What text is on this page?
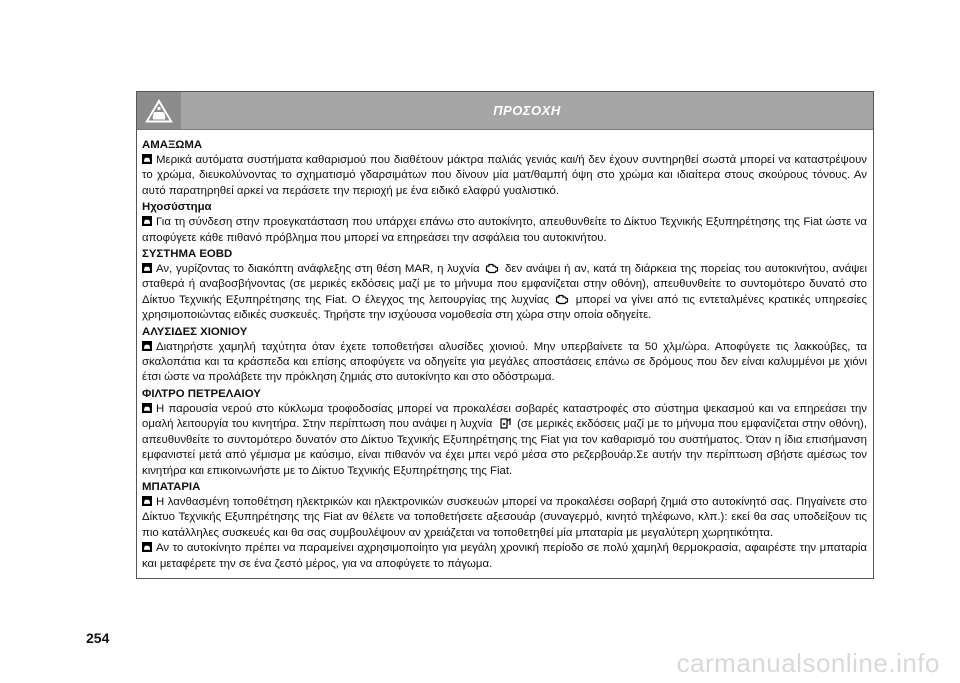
ΠΡΟΣΟΧΗ
ΑΜΑΞΩΜΑ
Μερικά αυτόματα συστήματα καθαρισμού που διαθέτουν μάκτρα παλιάς γενιάς και/ή δεν έχουν συντηρηθεί σωστά μπορεί να καταστρέψουν το χρώμα, διευκολύνοντας το σχηματισμό γδαρσιμάτων που δίνουν μία ματ/θαμπή όψη στο χρώμα και ιδιαίτερα στους σκούρους τόνους. Αν αυτό παρατηρηθεί αρκεί να περάσετε την περιοχή με ένα ειδικό ελαφρύ γυαλιστικό.
Ηχοσύστημα
Για τη σύνδεση στην προεγκατάσταση που υπάρχει επάνω στο αυτοκίνητο, απευθυνθείτε το Δίκτυο Τεχνικής Εξυπηρέτησης της Fiat ώστε να αποφύγετε κάθε πιθανό πρόβλημα που μπορεί να επηρεάσει την ασφάλεια του αυτοκινήτου.
ΣΥΣΤΗΜΑ EOBD
Αν, γυρίζοντας το διακόπτη ανάφλεξης στη θέση MAR, η λυχνία  δεν ανάψει ή αν, κατά τη διάρκεια της πορείας του αυτοκινήτου, ανάψει σταθερά ή αναβοσβήνοντας (σε μερικές εκδόσεις μαζί με το μήνυμα που εμφανίζεται στην οθόνη), απευθυνθείτε το συντομότερο δυνατό στο Δίκτυο Τεχνικής Εξυπηρέτησης της Fiat. Ο έλεγχος της λειτουργίας της λυχνίας  μπορεί να γίνει από τις εντεταλμένες κρατικές υπηρεσίες χρησιμοποιώντας ειδικές συσκευές. Τηρήστε την ισχύουσα νομοθεσία στη χώρα στην οποία οδηγείτε.
ΑΛΥΣΙΔΕΣ ΧΙΟΝΙΟΥ
Διατηρήστε χαμηλή ταχύτητα όταν έχετε τοποθετήσει αλυσίδες χιονιού. Μην υπερβαίνετε τα 50 χλμ/ώρα. Αποφύγετε τις λακκούβες, τα σκαλοπάτια και τα κράσπεδα και επίσης αποφύγετε να οδηγείτε για μεγάλες αποστάσεις επάνω σε δρόμους που δεν είναι καλυμμένοι με χιόνι έτσι ώστε να προλάβετε την πρόκληση ζημιάς στο αυτοκίνητο και στο οδόστρωμα.
ΦΙΛΤΡΟ ΠΕΤΡΕΛΑΙΟΥ
Η παρουσία νερού στο κύκλωμα τροφοδοσίας μπορεί να προκαλέσει σοβαρές καταστροφές στο σύστημα ψεκασμού και να επηρεάσει την ομαλή λειτουργία του κινητήρα. Στην περίπτωση που ανάψει η λυχνία  (σε μερικές εκδόσεις μαζί με το μήνυμα που εμφανίζεται στην οθόνη), απευθυνθείτε το συντομότερο δυνατόν στο Δίκτυο Τεχνικής Εξυπηρέτησης της Fiat για τον καθαρισμό του συστήματος. Όταν η ίδια επισήμανση εμφανιστεί μετά από γέμισμα με καύσιμο, είναι πιθανόν να έχει μπει νερό μέσα στο ρεζερβουάρ.Σε αυτήν την περίπτωση σβήστε αμέσως τον κινητήρα και επικοινωνήστε με το Δίκτυο Τεχνικής Εξυπηρέτησης της Fiat.
ΜΠΑΤΑΡΙΑ
Η λανθασμένη τοποθέτηση ηλεκτρικών και ηλεκτρονικών συσκευών μπορεί να προκαλέσει σοβαρή ζημιά στο αυτοκίνητό σας. Πηγαίνετε στο Δίκτυο Τεχνικής Εξυπηρέτησης της Fiat αν θέλετε να τοποθετήσετε αξεσουάρ (συναγερμό, κινητό τηλέφωνο, κλπ.): εκεί θα σας υποδείξουν τις πιο κατάλληλες συσκευές και θα σας συμβουλέψουν αν χρειάζεται να τοποθετηθεί μία μπαταρία με μεγαλύτερη χωρητικότητα.
Αν το αυτοκίνητο πρέπει να παραμείνει αχρησιμοποίητο για μεγάλη χρονική περίοδο σε πολύ χαμηλή θερμοκρασία, αφαιρέστε την μπαταρία και μεταφέρετε την σε ένα ζεστό μέρος, για να αποφύγετε το πάγωμα.
254
carmanualsonline.info
